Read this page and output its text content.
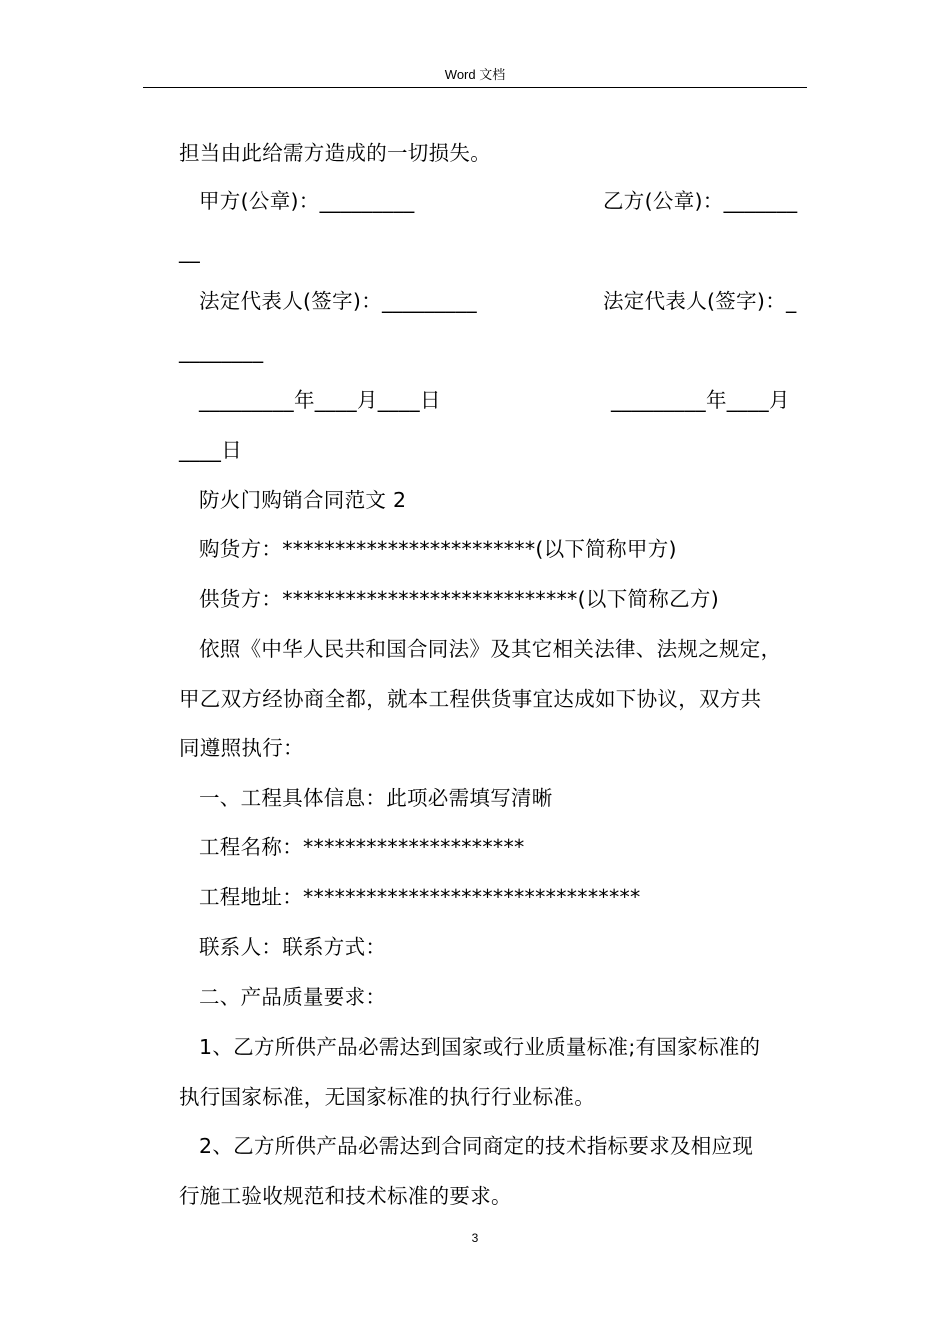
Word 文档
担当由此给需方造成的一切损失。
甲方(公章)：_________	乙方(公章)：_______
__
法定代表人(签字)：_________	法定代表人(签字)：_
________
_________年____月____日	_________年____月
____日
防火门购销合同范文 2
购货方：************************(以下简称甲方)
供货方：****************************(以下简称乙方)
依照《中华人民共和国合同法》及其它相关法律、法规之规定，
甲乙双方经协商全都，就本工程供货事宜达成如下协议，双方共
同遵照执行：
一、工程具体信息：此项必需填写清晰
工程名称：*********************
工程地址：********************************
联系人：联系方式：
二、产品质量要求：
1、乙方所供产品必需达到国家或行业质量标准;有国家标准的
执行国家标准，无国家标准的执行行业标准。
2、乙方所供产品必需达到合同商定的技术指标要求及相应现
行施工验收规范和技术标准的要求。
3
